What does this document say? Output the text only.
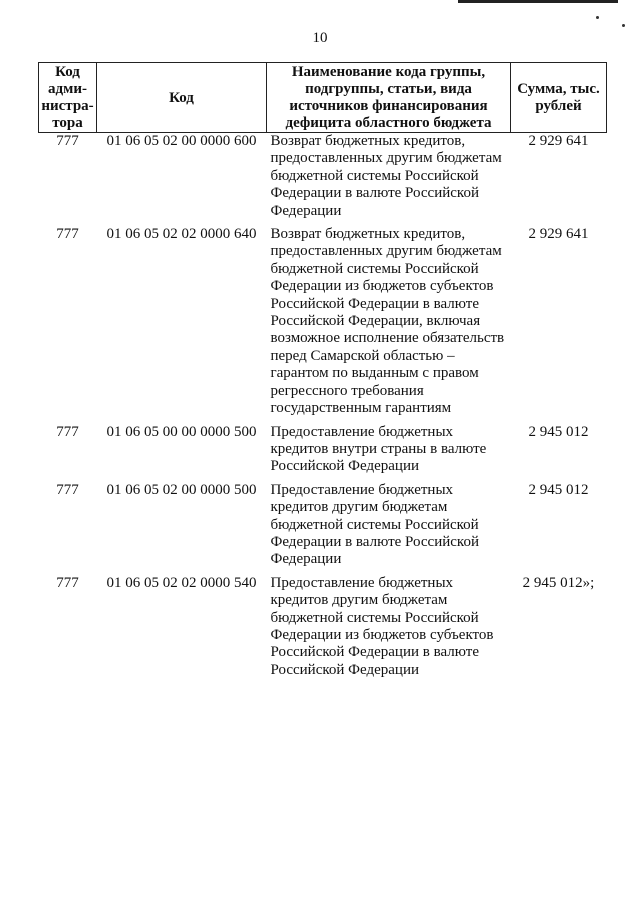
10
Код адми-нистра-тора	Код	Наименование кода группы, подгруппы, статьи, вида источников финансирования дефицита областного бюджета	Сумма, тыс. рублей
777	01 06 05 02 00 0000 600	Возврат бюджетных кредитов, предоставленных другим бюджетам бюджетной системы Российской Федерации в валюте Российской Федерации	2 929 641
777	01 06 05 02 02 0000 640	Возврат бюджетных кредитов, предоставленных другим бюджетам бюджетной системы Российской Федерации из бюджетов субъектов Российской Федерации в валюте Российской Федерации, включая возможное исполнение обязательств перед Самарской областью – гарантом по выданным с правом регрессного требования государственным гарантиям	2 929 641
777	01 06 05 00 00 0000 500	Предоставление бюджетных кредитов внутри страны в валюте Российской Федерации	2 945 012
777	01 06 05 02 00 0000 500	Предоставление бюджетных кредитов другим бюджетам бюджетной системы Российской Федерации в валюте Российской Федерации	2 945 012
777	01 06 05 02 02 0000 540	Предоставление бюджетных кредитов другим бюджетам бюджетной системы Российской Федерации из бюджетов субъектов Российской Федерации в валюте Российской Федерации	2 945 012»;
